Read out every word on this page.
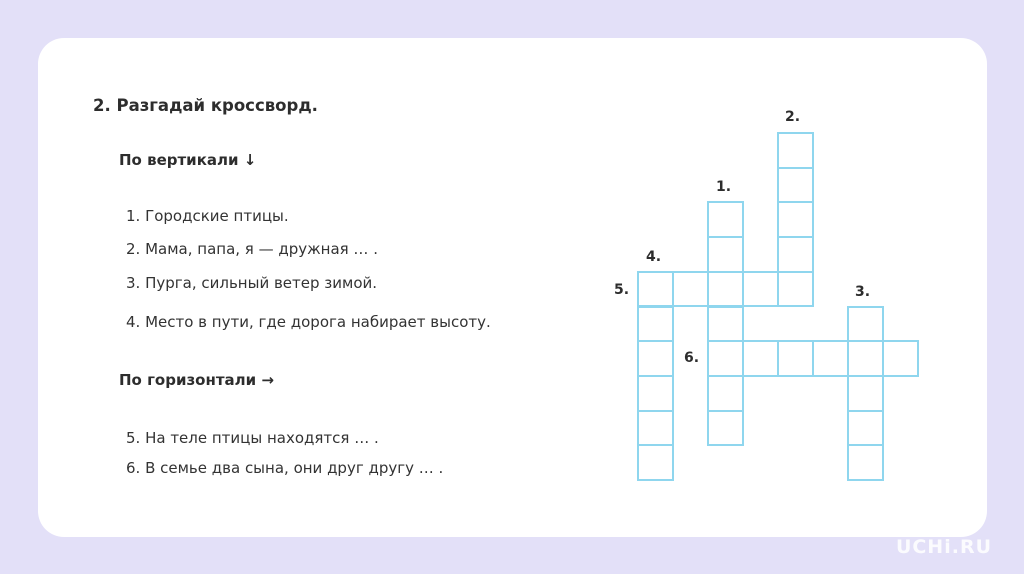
2. Разгадай кроссворд.
По вертикали ↓
1. Городские птицы.
2. Мама, папа, я — дружная … .
3. Пурга, сильный ветер зимой.
4. Место в пути, где дорога набирает высоту.
По горизонтали →
5. На теле птицы находятся … .
6. В семье два сына, они друг другу … .
1.
2.
3.
4.
5.
6.
UCHi.RU
